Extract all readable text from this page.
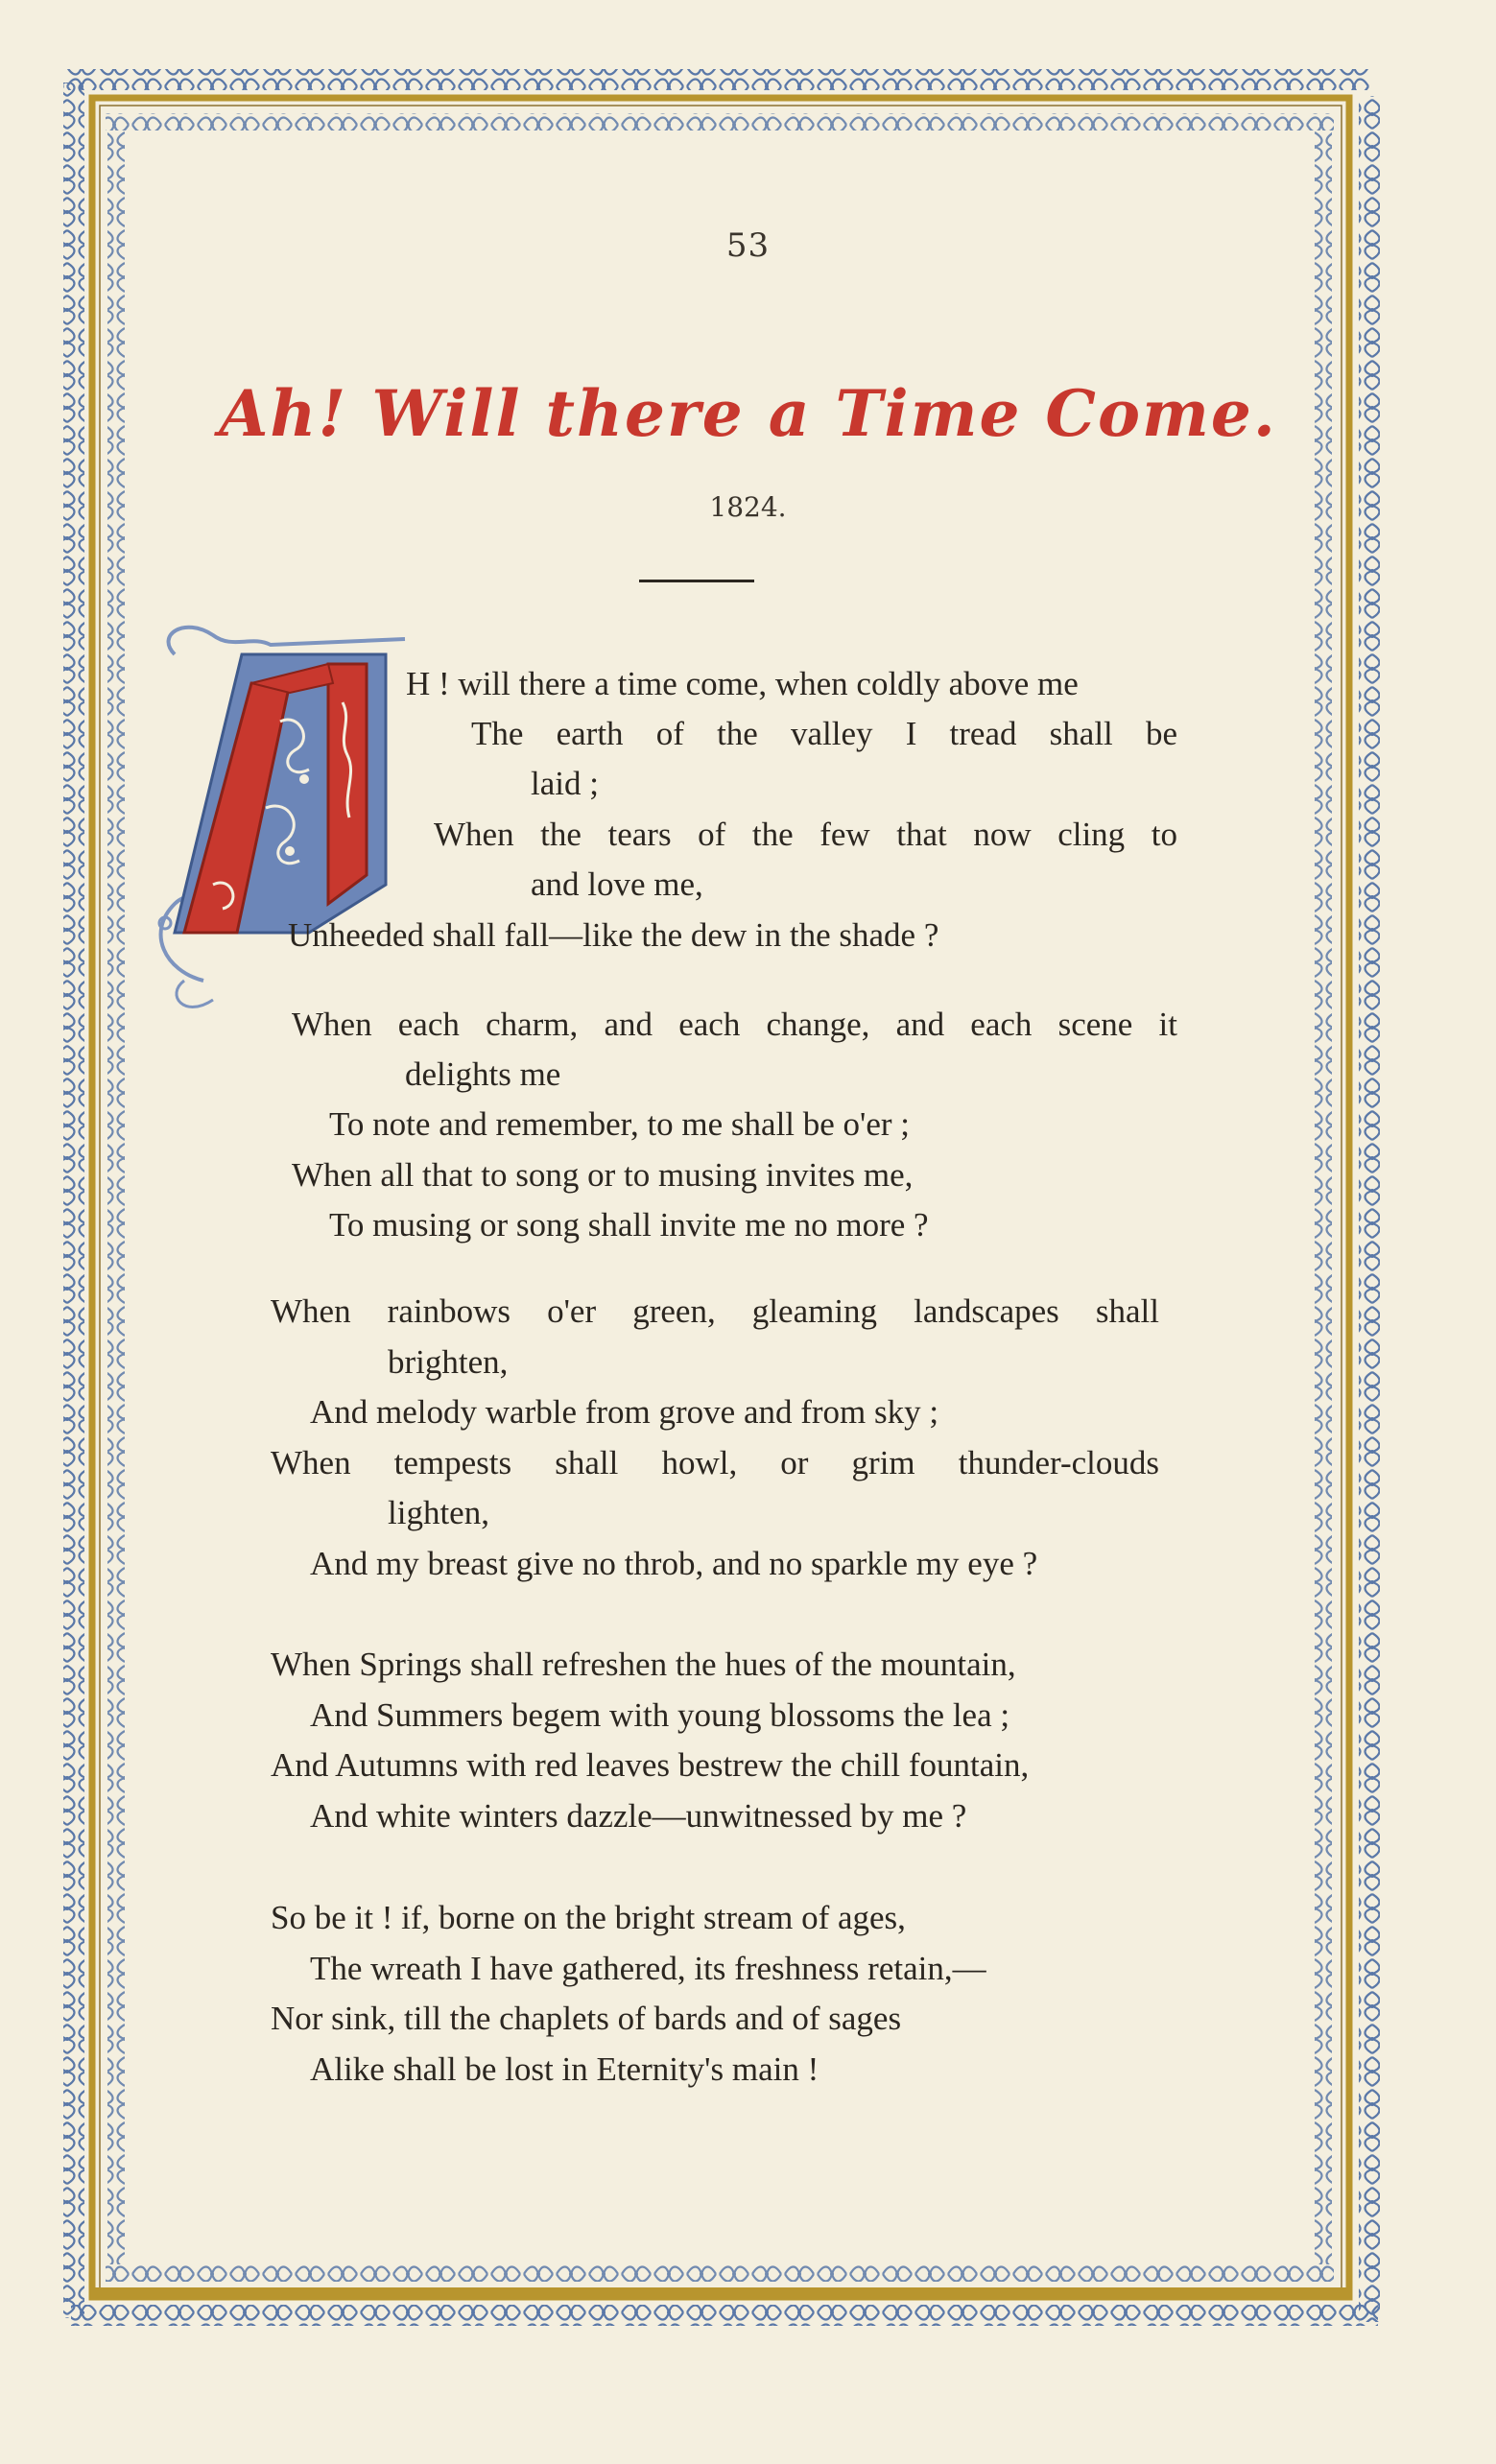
53
Ah! Will there a Time Come.
1824.
H ! will there a time come, when coldly above me
The earth of the valley I tread shall be
laid ;
When the tears of the few that now cling to
and love me,
Unheeded shall fall—like the dew in the shade ?
When each charm, and each change, and each scene it
delights me
To note and remember, to me shall be o'er ;
When all that to song or to musing invites me,
To musing or song shall invite me no more ?
When rainbows o'er green, gleaming landscapes shall
brighten,
And melody warble from grove and from sky ;
When tempests shall howl, or grim thunder-clouds
lighten,
And my breast give no throb, and no sparkle my eye ?
When Springs shall refreshen the hues of the mountain,
And Summers begem with young blossoms the lea ;
And Autumns with red leaves bestrew the chill fountain,
And white winters dazzle—unwitnessed by me ?
So be it ! if, borne on the bright stream of ages,
The wreath I have gathered, its freshness retain,—
Nor sink, till the chaplets of bards and of sages
Alike shall be lost in Eternity's main !
